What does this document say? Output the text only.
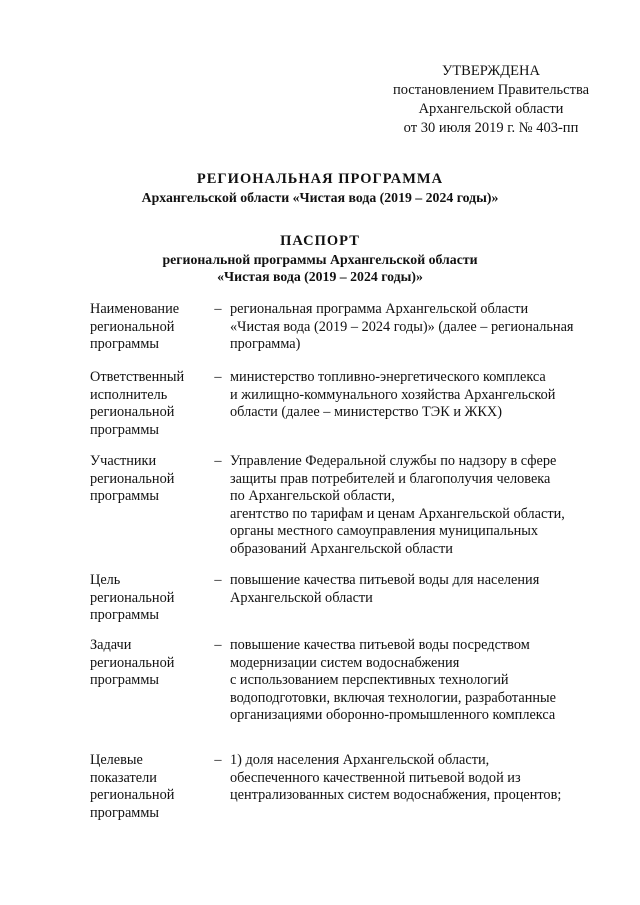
УТВЕРЖДЕНА
постановлением Правительства
Архангельской области
от 30 июля 2019 г. № 403-пп
РЕГИОНАЛЬНАЯ ПРОГРАММА
Архангельской области «Чистая вода (2019 – 2024 годы)»
ПАСПОРТ
региональной программы Архангельской области
«Чистая вода (2019 – 2024 годы)»
Наименование
региональной
программы
– региональная программа Архангельской области
«Чистая вода (2019 – 2024 годы)» (далее – региональная
программа)
Ответственный
исполнитель
региональной
программы
– министерство топливно-энергетического комплекса
и жилищно-коммунального хозяйства Архангельской
области (далее – министерство ТЭК и ЖКХ)
Участники
региональной
программы
– Управление Федеральной службы по надзору в сфере
защиты прав потребителей и благополучия человека
по Архангельской области,
агентство по тарифам и ценам Архангельской области,
органы местного самоуправления муниципальных
образований Архангельской области
Цель
региональной
программы
– повышение качества питьевой воды для населения
Архангельской области
Задачи
региональной
программы
– повышение качества питьевой воды посредством
модернизации систем водоснабжения
с использованием перспективных технологий
водоподготовки, включая технологии, разработанные
организациями оборонно-промышленного комплекса
Целевые
показатели
региональной
программы
– 1) доля населения Архангельской области,
обеспеченного качественной питьевой водой из
централизованных систем водоснабжения, процентов;
